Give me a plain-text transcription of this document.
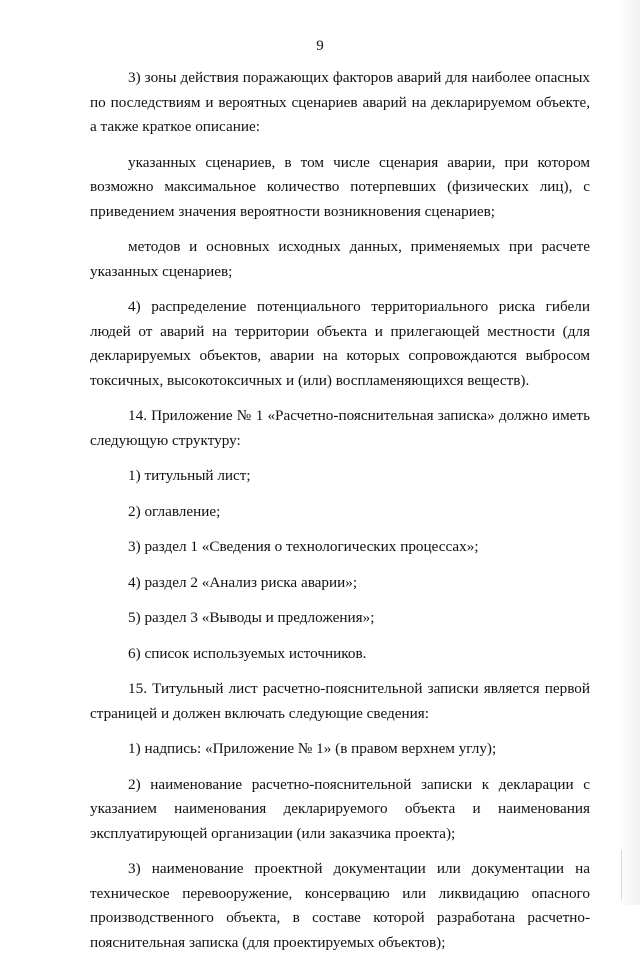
9

3) зоны действия поражающих факторов аварий для наиболее опасных по последствиям и вероятных сценариев аварий на декларируемом объекте, а также краткое описание:

указанных сценариев, в том числе сценария аварии, при котором возможно максимальное количество потерпевших (физических лиц), с приведением значения вероятности возникновения сценариев;

методов и основных исходных данных, применяемых при расчете указанных сценариев;

4) распределение потенциального территориального риска гибели людей от аварий на территории объекта и прилегающей местности (для декларируемых объектов, аварии на которых сопровождаются выбросом токсичных, высокотоксичных и (или) воспламеняющихся веществ).

14. Приложение № 1 «Расчетно-пояснительная записка» должно иметь следующую структуру:

1) титульный лист;

2) оглавление;

3) раздел 1 «Сведения о технологических процессах»;

4) раздел 2 «Анализ риска аварии»;

5) раздел 3 «Выводы и предложения»;

6) список используемых источников.

15. Титульный лист расчетно-пояснительной записки является первой страницей и должен включать следующие сведения:

1) надпись: «Приложение № 1» (в правом верхнем углу);

2) наименование расчетно-пояснительной записки к декларации с указанием наименования декларируемого объекта и наименования эксплуатирующей организации (или заказчика проекта);

3) наименование проектной документации или документации на техническое перевооружение, консервацию или ликвидацию опасного производственного объекта, в составе которой разработана расчетно-пояснительная записка (для проектируемых объектов);
